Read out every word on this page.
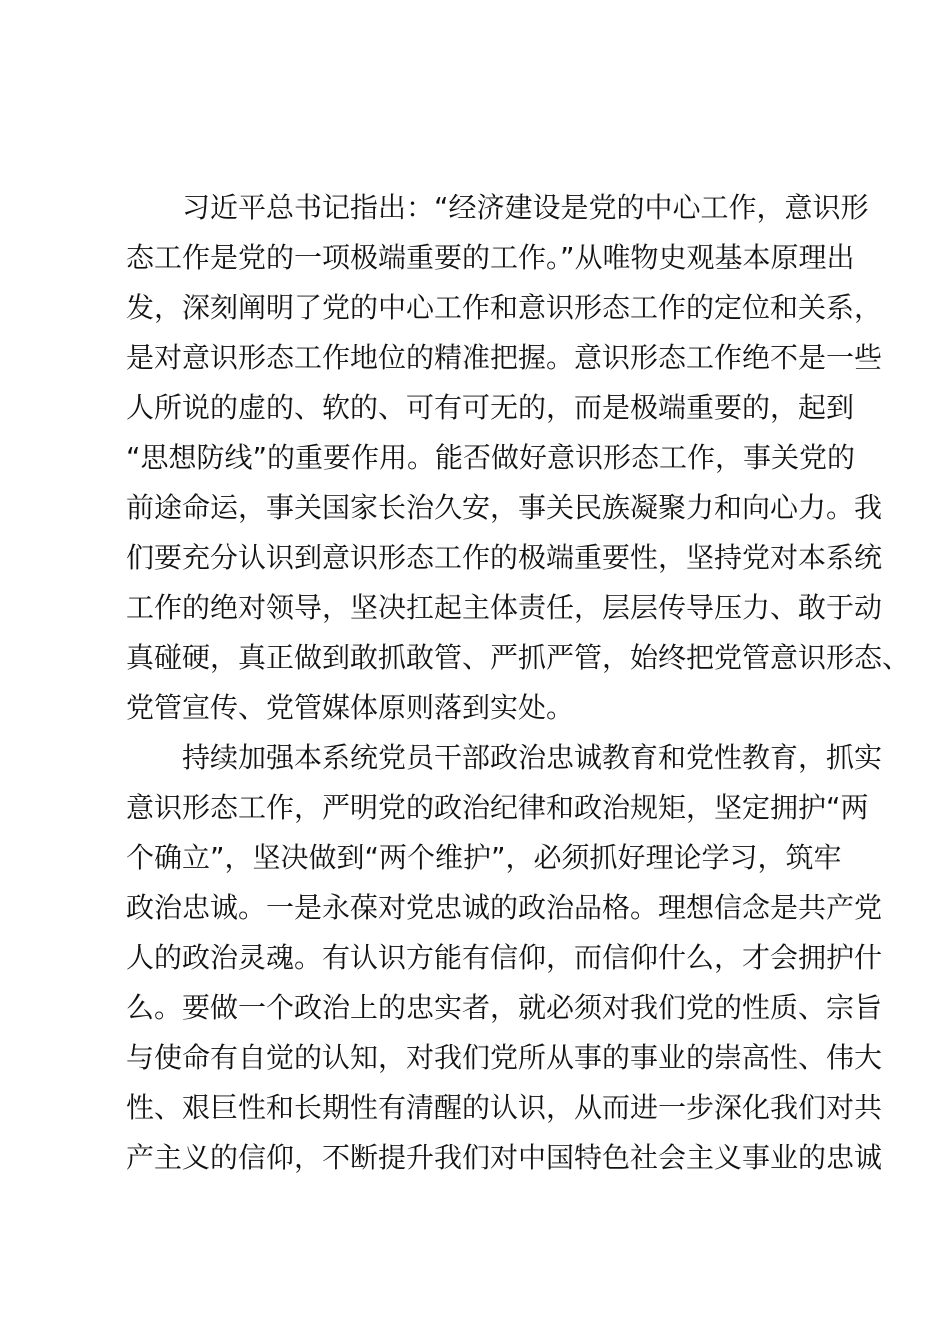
习近平总书记指出：“经济建设是党的中心工作，意识形
态工作是党的一项极端重要的工作。”从唯物史观基本原理出
发，深刻阐明了党的中心工作和意识形态工作的定位和关系，
是对意识形态工作地位的精准把握。意识形态工作绝不是一些
人所说的虚的、软的、可有可无的，而是极端重要的，起到
“思想防线”的重要作用。能否做好意识形态工作，事关党的
前途命运，事关国家长治久安，事关民族凝聚力和向心力。我
们要充分认识到意识形态工作的极端重要性，坚持党对本系统
工作的绝对领导，坚决扛起主体责任，层层传导压力、敢于动
真碰硬，真正做到敢抓敢管、严抓严管，始终把党管意识形态、
党管宣传、党管媒体原则落到实处。
持续加强本系统党员干部政治忠诚教育和党性教育，抓实
意识形态工作，严明党的政治纪律和政治规矩，坚定拥护“两
个确立”，坚决做到“两个维护”，必须抓好理论学习，筑牢
政治忠诚。一是永葆对党忠诚的政治品格。理想信念是共产党
人的政治灵魂。有认识方能有信仰，而信仰什么，才会拥护什
么。要做一个政治上的忠实者，就必须对我们党的性质、宗旨
与使命有自觉的认知，对我们党所从事的事业的崇高性、伟大
性、艰巨性和长期性有清醒的认识，从而进一步深化我们对共
产主义的信仰，不断提升我们对中国特色社会主义事业的忠诚
